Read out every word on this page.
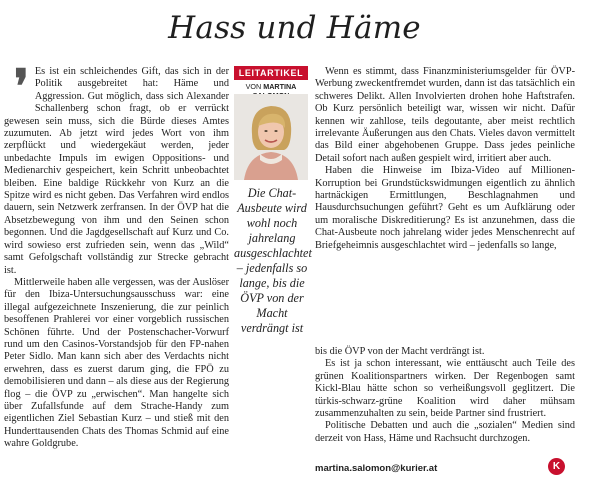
Hass und Häme
❜ Es ist ein schleichendes Gift, das sich in der Politik ausgebreitet hat: Häme und Aggression. Gut möglich, dass sich Alexander Schallenberg schon fragt, ob er verrückt gewesen sein muss, sich die Bürde dieses Amtes zuzumuten. Ab jetzt wird jedes Wort von ihm zerpflückt und wiedergekäut werden, jeder unbedachte Impuls im ewigen Oppositions- und Medienarchiv gespeichert, kein Schritt unbeobachtet bleiben. Eine baldige Rückkehr von Kurz an die Spitze wird es nicht geben. Das Verfahren wird endlos dauern, sein Netzwerk zerfransen. In der ÖVP hat die Absetzbewegung von ihm und den Seinen schon begonnen. Und die Jagdgesellschaft auf Kurz und Co. wird sowieso erst zufrieden sein, wenn das „Wild“ samt Gefolgschaft vollständig zur Strecke gebracht ist.

Mittlerweile haben alle vergessen, was der Auslöser für den Ibiza-Untersuchungsausschuss war: eine illegal aufgezeichnete Inszenierung, die zur peinlich besoffenen Prahlerei vor einer vorgeblich russischen Schönen führte. Und der Postenschacher-Vorwurf rund um den Casinos-Vorstandsjob für den FP-nahen Peter Sidlo. Man kann sich aber des Verdachts nicht erwehren, dass es zuerst darum ging, die FPÖ zu demobilisieren und dann – als diese aus der Regierung flog – die ÖVP zu „erwischen“. Man hangelte sich über Zufallsfunde auf dem Strache-Handy zum eigentlichen Ziel Sebastian Kurz – und stieß mit den Hunderttausenden Chats des Thomas Schmid auf eine wahre Goldgrube.

LEITARTIKEL
VON MARTINA
Die Chat-Ausbeute wird wohl noch jahrelang ausgeschlachtet – jedenfalls so lange, bis die ÖVP von der Macht verdrängt ist

Wenn es stimmt, dass Finanzministeriumsgelder für ÖVP-Werbung zweckentfremdet wurden, dann ist das tatsächlich ein schweres Delikt. Allen Involvierten drohen hohe Haftstrafen. Ob Kurz persönlich beteiligt war, wissen wir nicht. Dafür kennen wir zahllose, teils degoutante, aber meist rechtlich irrelevante Äußerungen aus den Chats. Vieles davon vermittelt das Bild einer abgehobenen Gruppe. Dass jedes peinliche Detail sofort nach außen gespielt wird, irritiert aber auch.

Haben die Hinweise im Ibiza-Video auf Millionen-Korruption bei Grundstückswidmungen eigentlich zu ähnlich hartnäckigen Ermittlungen, Beschlagnahmen und Hausdurchsuchungen geführt? Geht es um Aufklärung oder um moralische Diskreditierung? Es ist anzunehmen, dass die Chat-Ausbeute noch jahrelang wider jedes Menschenrecht auf Briefgeheimnis ausgeschlachtet wird – jedenfalls so lange,

bis die ÖVP von der Macht verdrängt ist.

Es ist ja schon interessant, wie enttäuscht auch Teile des grünen Koalitionspartners wirken. Der Regenbogen samt Kickl-Blau hätte schon so verheißungsvoll geglitzert. Die türkis-schwarz-grüne Koalition wird daher mühsam zusammenzuhalten zu sein, beide Partner sind frustriert.

Politische Debatten und auch die „sozialen“ Medien sind derzeit von Hass, Häme und Rachsucht durchzogen.

martina.salomon@kurier.at	K
